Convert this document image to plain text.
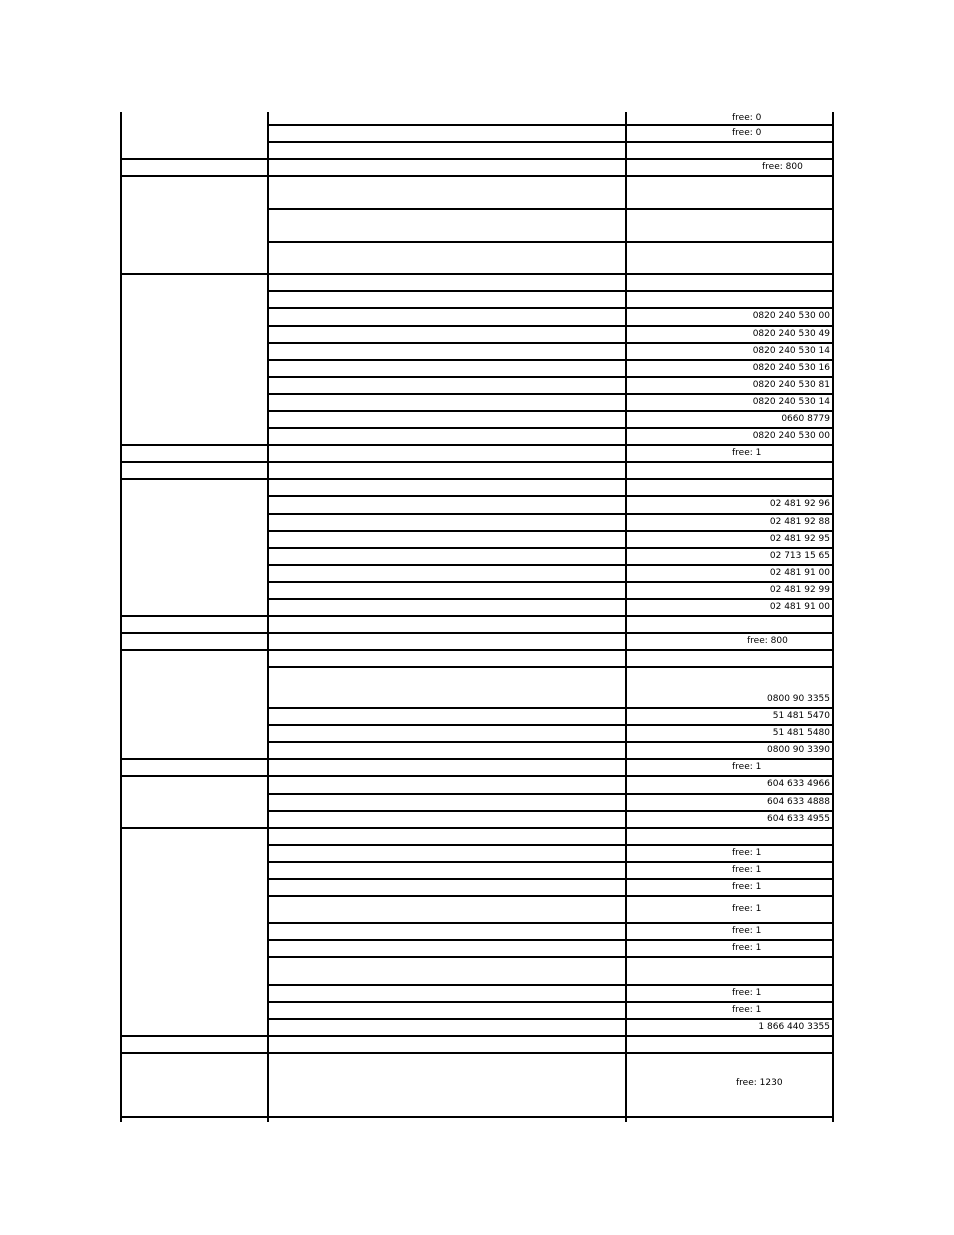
free: 0
free: 0
free: 800
0820 240 530 00
0820 240 530 49
0820 240 530 14
0820 240 530 16
0820 240 530 81
0820 240 530 14
0660 8779
0820 240 530 00
free: 1
02 481 92 96
02 481 92 88
02 481 92 95
02 713 15 65
02 481 91 00
02 481 92 99
02 481 91 00
free: 800
0800 90 3355
51 481 5470
51 481 5480
0800 90 3390
free: 1
604 633 4966
604 633 4888
604 633 4955
free: 1
free: 1
free: 1
free: 1
free: 1
free: 1
free: 1
free: 1
1 866 440 3355
free: 1230
